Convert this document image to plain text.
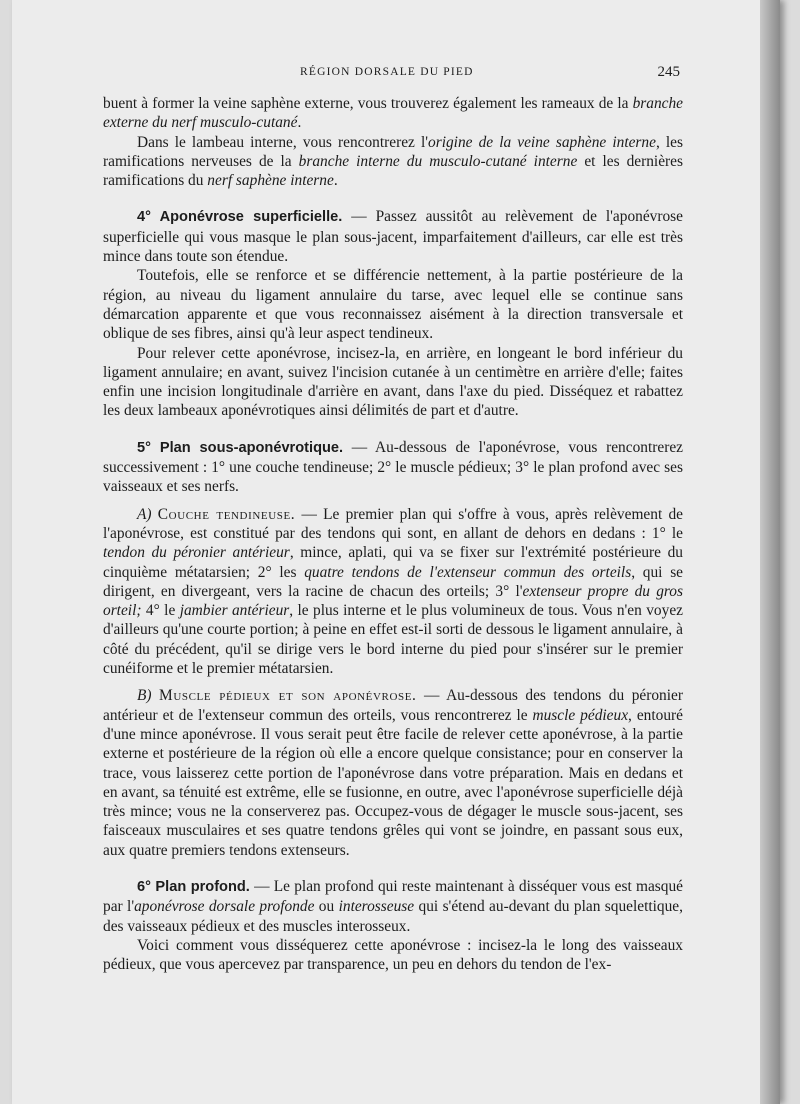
RÉGION DORSALE DU PIED	245

buent à former la veine saphène externe, vous trouverez également les rameaux de la branche externe du nerf musculo-cutané.

Dans le lambeau interne, vous rencontrerez l'origine de la veine saphène interne, les ramifications nerveuses de la branche interne du musculo-cutané interne et les dernières ramifications du nerf saphène interne.

4° Aponévrose superficielle. — Passez aussitôt au relèvement de l'aponévrose superficielle qui vous masque le plan sous-jacent, imparfaitement d'ailleurs, car elle est très mince dans toute son étendue.

Toutefois, elle se renforce et se différencie nettement, à la partie postérieure de la région, au niveau du ligament annulaire du tarse, avec lequel elle se continue sans démarcation apparente et que vous reconnaissez aisément à la direction transversale et oblique de ses fibres, ainsi qu'à leur aspect tendineux.

Pour relever cette aponévrose, incisez-la, en arrière, en longeant le bord inférieur du ligament annulaire; en avant, suivez l'incision cutanée à un centimètre en arrière d'elle; faites enfin une incision longitudinale d'arrière en avant, dans l'axe du pied. Disséquez et rabattez les deux lambeaux aponévrotiques ainsi délimités de part et d'autre.

5° Plan sous-aponévrotique. — Au-dessous de l'aponévrose, vous rencontrerez successivement : 1° une couche tendineuse; 2° le muscle pédieux; 3° le plan profond avec ses vaisseaux et ses nerfs.

A) Couche tendineuse. — Le premier plan qui s'offre à vous, après relèvement de l'aponévrose, est constitué par des tendons qui sont, en allant de dehors en dedans : 1° le tendon du péronier antérieur, mince, aplati, qui va se fixer sur l'extrémité postérieure du cinquième métatarsien; 2° les quatre tendons de l'extenseur commun des orteils, qui se dirigent, en divergeant, vers la racine de chacun des orteils; 3° l'extenseur propre du gros orteil; 4° le jambier antérieur, le plus interne et le plus volumineux de tous. Vous n'en voyez d'ailleurs qu'une courte portion; à peine en effet est-il sorti de dessous le ligament annulaire, à côté du précédent, qu'il se dirige vers le bord interne du pied pour s'insérer sur le premier cunéiforme et le premier métatarsien.

B) Muscle pédieux et son aponévrose. — Au-dessous des tendons du péronier antérieur et de l'extenseur commun des orteils, vous rencontrerez le muscle pédieux, entouré d'une mince aponévrose. Il vous serait peut être facile de relever cette aponévrose, à la partie externe et postérieure de la région où elle a encore quelque consistance; pour en conserver la trace, vous laisserez cette portion de l'aponévrose dans votre préparation. Mais en dedans et en avant, sa ténuité est extrême, elle se fusionne, en outre, avec l'aponévrose superficielle déjà très mince; vous ne la conserverez pas. Occupez-vous de dégager le muscle sous-jacent, ses faisceaux musculaires et ses quatre tendons grêles qui vont se joindre, en passant sous eux, aux quatre premiers tendons extenseurs.

6° Plan profond. — Le plan profond qui reste maintenant à disséquer vous est masqué par l'aponévrose dorsale profonde ou interosseuse qui s'étend au-devant du plan squelettique, des vaisseaux pédieux et des muscles interosseux.

Voici comment vous disséquerez cette aponévrose : incisez-la le long des vaisseaux pédieux, que vous apercevez par transparence, un peu en dehors du tendon de l'ex-
